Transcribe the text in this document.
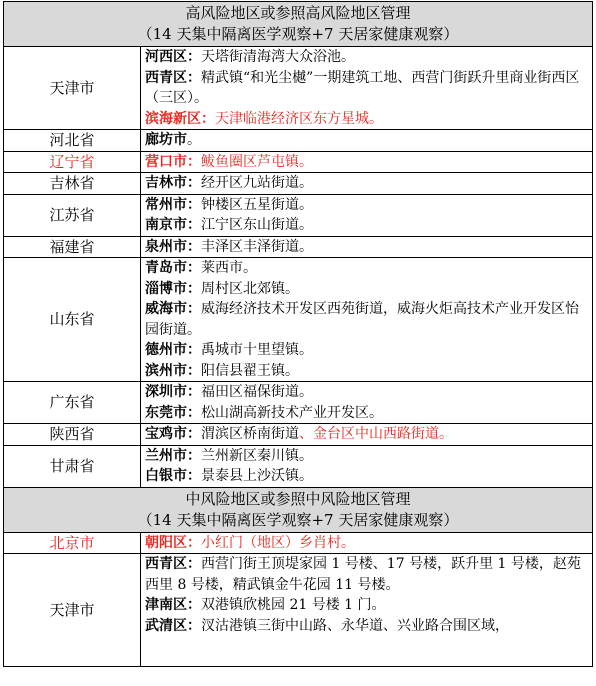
高风险地区或参照高风险地区管理
（14 天集中隔离医学观察+7 天居家健康观察）	

天津市	河西区：天塔街清海湾大众浴池。
西青区：精武镇“和光尘樾”一期建筑工地、西营门街跃升里商业街西区（三区）。
滨海新区：天津临港经济区东方星城。

河北省	廊坊市。
辽宁省	营口市：鲅鱼圈区芦屯镇。
吉林省	吉林市：经开区九站街道。
江苏省	常州市：钟楼区五星街道。
南京市：江宁区东山街道。

福建省	泉州市：丰泽区丰泽街道。
山东省	青岛市：莱西市。
淄博市：周村区北郊镇。
威海市：威海经济技术开发区西苑街道，威海火炬高技术产业开发区怡园街道。
德州市：禹城市十里望镇。
滨州市：阳信县翟王镇。

广东省	深圳市：福田区福保街道。
东莞市：松山湖高新技术产业开发区。

陕西省	宝鸡市：渭滨区桥南街道、金台区中山西路街道。
甘肃省	兰州市：兰州新区秦川镇。
白银市：景泰县上沙沃镇。

中风险地区或参照中风险地区管理
（14 天集中隔离医学观察+7 天居家健康观察）	

北京市	朝阳区：小红门（地区）乡肖村。
天津市	西青区：西营门街王顶堤家园 1 号楼、17 号楼，跃升里 1 号楼，赵苑西里 8 号楼，精武镇金牛花园 11 号楼。
津南区：双港镇欣桃园 21 号楼 1 门。
武清区：汊沽港镇三街中山路、永华道、兴业路合围区域，
